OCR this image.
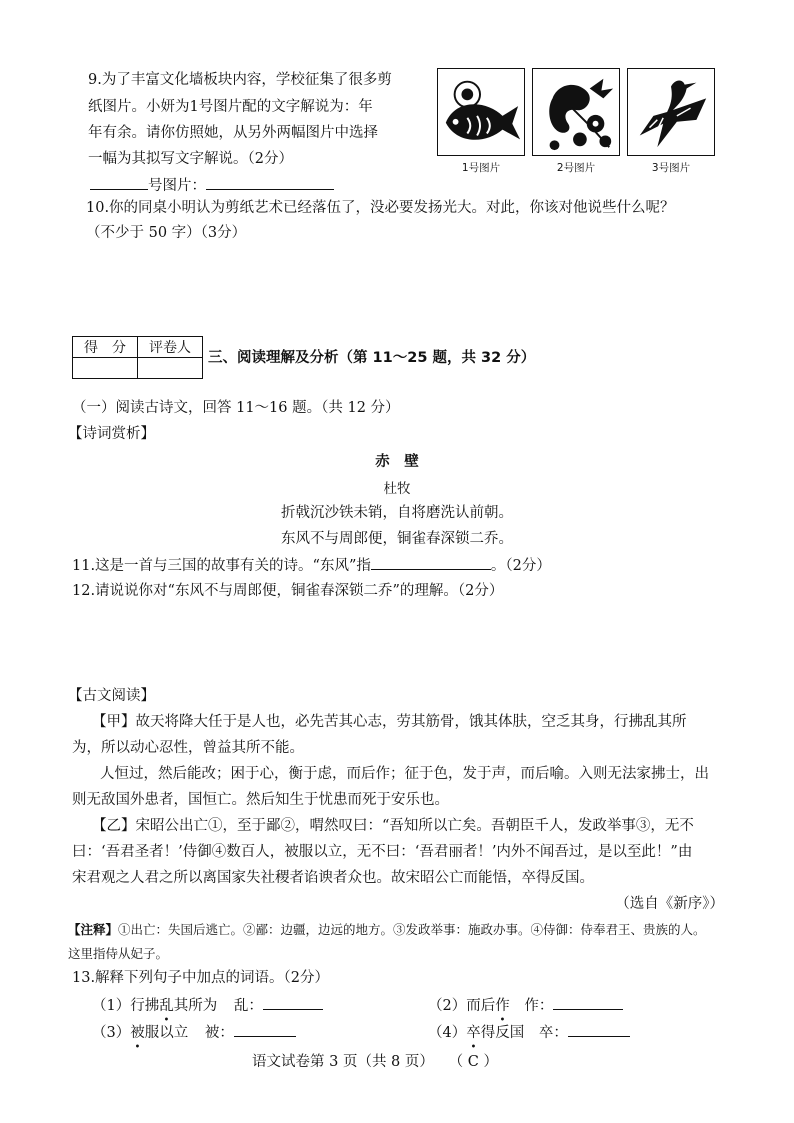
9.为了丰富文化墙板块内容，学校征集了很多剪
纸图片。小妍为1号图片配的文字解说为：年
年有余。请你仿照她，从另外两幅图片中选择
一幅为其拟写文字解说。（2分）
号图片：
1号图片	2号图片	3号图片
10.你的同桌小明认为剪纸艺术已经落伍了，没必要发扬光大。对此，你该对他说些什么呢？
（不少于 50 字）（3分）
得　分	评卷人

三、阅读理解及分析（第 11～25 题，共 32 分）
（一）阅读古诗文，回答 11～16 题。（共 12 分）
【诗词赏析】
赤　壁
杜牧
折戟沉沙铁未销，自将磨洗认前朝。
东风不与周郎便，铜雀春深锁二乔。
11.这是一首与三国的故事有关的诗。“东风”指	。（2分）
12.请说说你对“东风不与周郎便，铜雀春深锁二乔”的理解。（2分）
【古文阅读】
【甲】故天将降大任于是人也，必先苦其心志，劳其筋骨，饿其体肤，空乏其身，行拂乱其所
为，所以动心忍性，曾益其所不能。
人恒过，然后能改；困于心，衡于虑，而后作；征于色，发于声，而后喻。入则无法家拂士，出
则无敌国外患者，国恒亡。然后知生于忧患而死于安乐也。
【乙】宋昭公出亡①，至于鄙②，喟然叹曰：“吾知所以亡矣。吾朝臣千人，发政举事③，无不
曰：‘吾君圣者！’侍御④数百人，被服以立，无不曰：‘吾君丽者！’内外不闻吾过，是以至此！”由
宋君观之人君之所以离国家失社稷者谄谀者众也。故宋昭公亡而能悟，卒得反国。
（选自《新序》）
【注释】①出亡：失国后逃亡。②鄙：边疆，边远的地方。③发政举事：施政办事。④侍御：侍奉君王、贵族的人。
这里指侍从妃子。
13.解释下列句子中加点的词语。（2分）
（1）行拂乱其所为 乱：	（2）而后作 作：
（3）被服以立 被：	（4）卒得反国 卒：
语文试卷第 3 页（共 8 页） （ C ）
